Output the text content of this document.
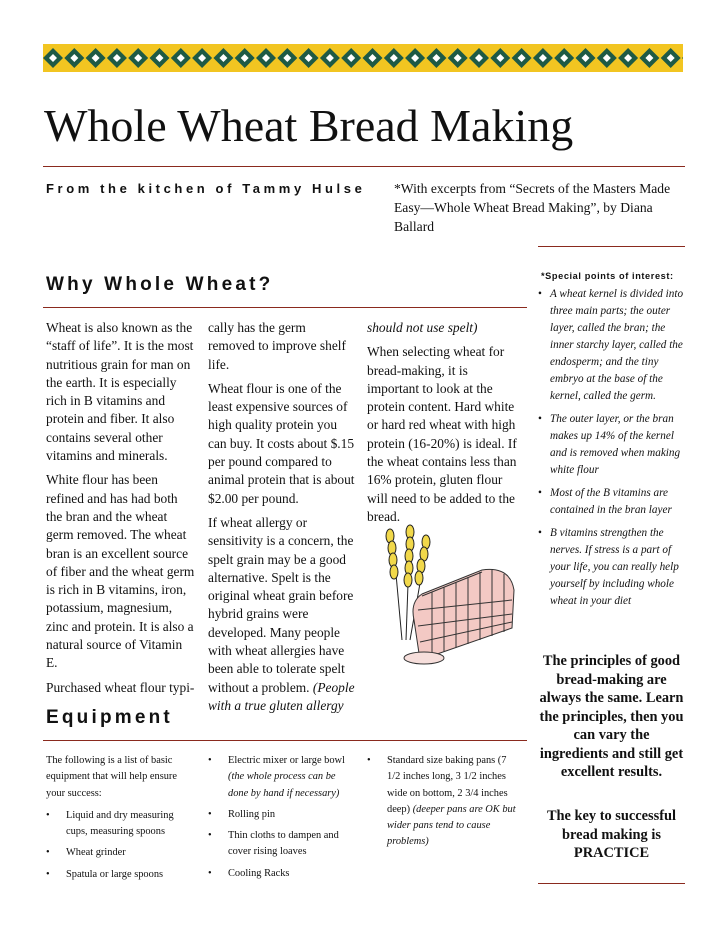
Whole Wheat Bread Making
From the kitchen of Tammy Hulse *With excerpts from “Secrets of the Masters Made Easy—Whole Wheat Bread Making”, by Diana Ballard
Why Whole Wheat?

Wheat is also known as the “staff of life”. It is the most nutritious grain for man on the earth. It is especially rich in B vitamins and protein and fiber. It also contains several other vitamins and minerals.

White flour has been refined and has had both the bran and the wheat germ removed. The wheat bran is an excellent source of fiber and the wheat germ is rich in B vitamins, iron, potassium, magnesium, zinc and protein. It is also a natural source of Vitamin E.

Purchased wheat flour typi-

cally has the germ removed to improve shelf life.

Wheat flour is one of the least expensive sources of high quality protein you can buy. It costs about $.15 per pound compared to animal protein that is about $2.00 per pound.

If wheat allergy or sensitivity is a concern, the spelt grain may be a good alternative. Spelt is the original wheat grain before hybrid grains were developed. Many people with wheat allergies have been able to tolerate spelt without a problem. (People with a true gluten allergy

should not use spelt)

When selecting wheat for bread-making, it is important to look at the protein content. Hard white or hard red wheat with high protein (16-20%) is ideal. If the wheat contains less than 16% protein, gluten flour will need to be added to the bread.

*Special points of interest:
• A wheat kernel is divided into three main parts; the outer layer, called the bran; the inner starchy layer, called the endosperm; and the tiny embryo at the base of the kernel, called the germ.
• The outer layer, or the bran makes up 14% of the kernel and is removed when making white flour
• Most of the B vitamins are contained in the bran layer
• B vitamins strengthen the nerves. If stress is a part of your life, you can really help yourself by including whole wheat in your diet
The principles of good bread-making are always the same. Learn the principles, then you can vary the ingredients and still get excellent results.
The key to successful bread making is PRACTICE
Equipment
The following is a list of basic equipment that will help ensure your success:
• Liquid and dry measuring cups, measuring spoons
• Wheat grinder
• Spatula or large spoons
• Electric mixer or large bowl (the whole process can be done by hand if necessary)
• Rolling pin
• Thin cloths to dampen and cover rising loaves
• Cooling Racks
• Standard size baking pans (7 1/2 inches long, 3 1/2 inches wide on bottom, 2 3/4 inches deep) (deeper pans are OK but wider pans tend to cause problems)
